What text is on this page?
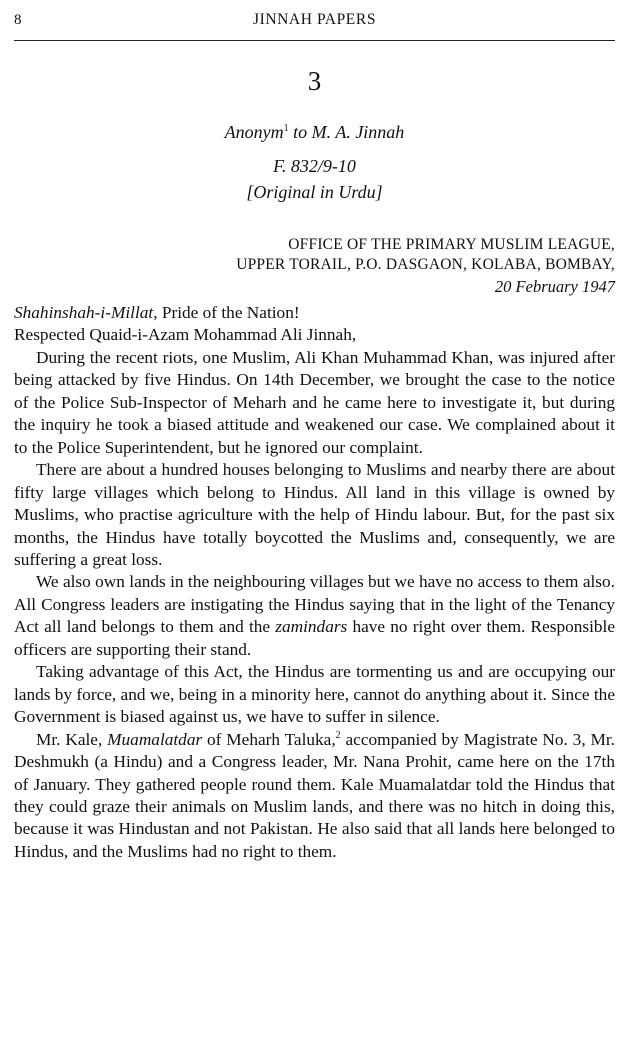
8	JINNAH PAPERS
3
Anonym$^1$ to M. A. Jinnah
F. 832/9-10
[Original in Urdu]
OFFICE OF THE PRIMARY MUSLIM LEAGUE,
UPPER TORAIL, P.O. DASGAON, KOLABA, BOMBAY,
20 February 1947

Shahinshah-i-Millat, Pride of the Nation!

Respected Quaid-i-Azam Mohammad Ali Jinnah,

During the recent riots, one Muslim, Ali Khan Muhammad Khan, was injured after being attacked by five Hindus. On 14th December, we brought the case to the notice of the Police Sub-Inspector of Meharh and he came here to investigate it, but during the inquiry he took a biased attitude and weakened our case. We complained about it to the Police Superintendent, but he ignored our complaint.

There are about a hundred houses belonging to Muslims and nearby there are about fifty large villages which belong to Hindus. All land in this village is owned by Muslims, who practise agriculture with the help of Hindu labour. But, for the past six months, the Hindus have totally boycotted the Muslims and, consequently, we are suffering a great loss.

We also own lands in the neighbouring villages but we have no access to them also. All Congress leaders are instigating the Hindus saying that in the light of the Tenancy Act all land belongs to them and the zamindars have no right over them. Responsible officers are supporting their stand.

Taking advantage of this Act, the Hindus are tormenting us and are occupying our lands by force, and we, being in a minority here, cannot do anything about it. Since the Government is biased against us, we have to suffer in silence.

Mr. Kale, Muamalatdar of Meharh Taluka,$^2$ accompanied by Magistrate No. 3, Mr. Deshmukh (a Hindu) and a Congress leader, Mr. Nana Prohit, came here on the 17th of January. They gathered people round them. Kale Muamalatdar told the Hindus that they could graze their animals on Muslim lands, and there was no hitch in doing this, because it was Hindustan and not Pakistan. He also said that all lands here belonged to Hindus, and the Muslims had no right to them.
